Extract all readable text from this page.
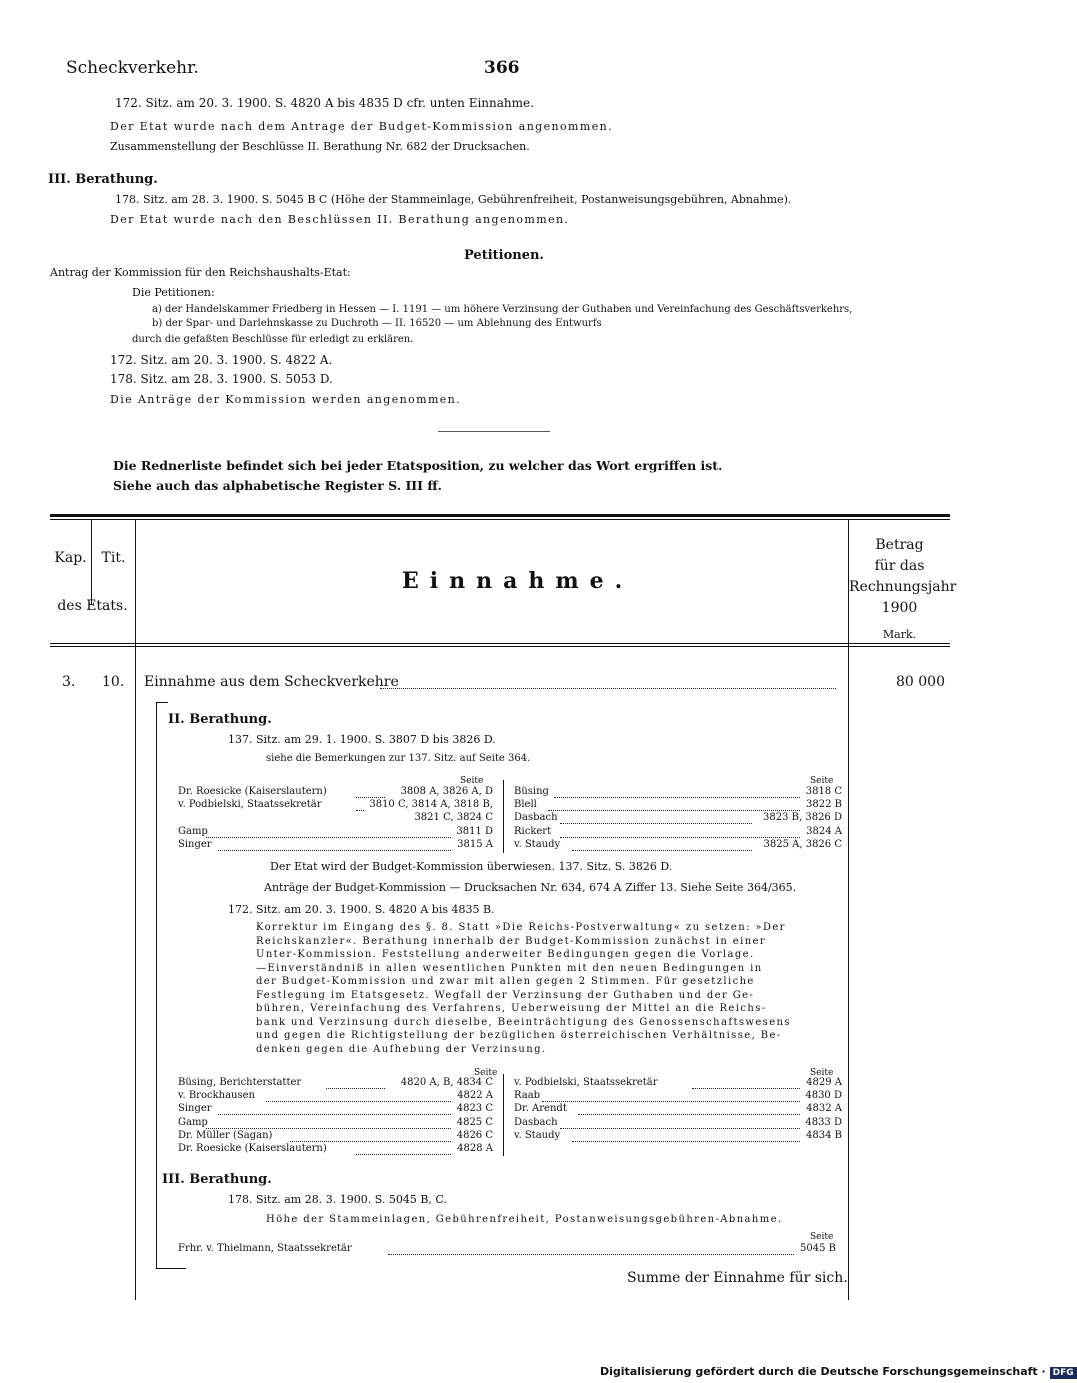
Scheckverkehr.	366
172. Sitz. am 20. 3. 1900. S. 4820 A bis 4835 D cfr. unten Einnahme.
Der Etat wurde nach dem Antrage der Budget-Kommission angenommen.
Zusammenstellung der Beschlüsse II. Berathung Nr. 682 der Drucksachen.
III. Berathung.
178. Sitz. am 28. 3. 1900. S. 5045 B C (Höhe der Stammeinlage, Gebührenfreiheit, Postanweisungsgebühren, Abnahme).
Der Etat wurde nach den Beschlüssen II. Berathung angenommen.
Petitionen.
Antrag der Kommission für den Reichshaushalts-Etat:
Die Petitionen:
a) der Handelskammer Friedberg in Hessen — I. 1191 — um höhere Verzinsung der Guthaben und Vereinfachung des Geschäftsverkehrs,
b) der Spar- und Darlehnskasse zu Duchroth — II. 16520 — um Ablehnung des Entwurfs
durch die gefaßten Beschlüsse für erledigt zu erklären.
172. Sitz. am 20. 3. 1900. S. 4822 A.
178. Sitz. am 28. 3. 1900. S. 5053 D.
Die Anträge der Kommission werden angenommen.
Die Rednerliste befindet sich bei jeder Etatsposition, zu welcher das Wort ergriffen ist.
Siehe auch das alphabetische Register S. III ff.
Kap.	Tit.
des Etats.
Einnahme.
Betrag
für das
Rechnungsjahr
1900
Mark.
3. 10. Einnahme aus dem Scheckverkehre	80 000
II. Berathung.
137. Sitz. am 29. 1. 1900. S. 3807 D bis 3826 D.
siehe die Bemerkungen zur 137. Sitz. auf Seite 364.
Seite	Seite
Dr. Roesicke (Kaiserslautern)	3808 A, 3826 A, D
v. Podbielski, Staatssekretär	3810 C, 3814 A, 3818 B,
3821 C, 3824 C
Gamp	3811 D
Singer	3815 A
Büsing	3818 C
Blell	3822 B
Dasbach	3823 B, 3826 D
Rickert	3824 A
v. Staudy	3825 A, 3826 C
Der Etat wird der Budget-Kommission überwiesen. 137. Sitz. S. 3826 D.
Anträge der Budget-Kommission — Drucksachen Nr. 634, 674 A Ziffer 13. Siehe Seite 364/365.
172. Sitz. am 20. 3. 1900. S. 4820 A bis 4835 B.
Korrektur im Eingang des §. 8. Statt »Die Reichs-Postverwaltung« zu setzen: »Der
Reichskanzler«. Berathung innerhalb der Budget-Kommission zunächst in einer
Unter-Kommission. Feststellung anderweiter Bedingungen gegen die Vorlage.
—Einverständniß in allen wesentlichen Punkten mit den neuen Bedingungen in
der Budget-Kommission und zwar mit allen gegen 2 Stimmen. Für gesetzliche
Festlegung im Etatsgesetz. Wegfall der Verzinsung der Guthaben und der Ge-
bühren, Vereinfachung des Verfahrens, Ueberweisung der Mittel an die Reichs-
bank und Verzinsung durch dieselbe, Beeinträchtigung des Genossenschaftswesens
und gegen die Richtigstellung der bezüglichen österreichischen Verhältnisse, Be-
denken gegen die Aufhebung der Verzinsung.
Seite	Seite
Büsing, Berichterstatter	4820 A, B, 4834 C
v. Brockhausen	4822 A
Singer	4823 C
Gamp	4825 C
Dr. Müller (Sagan)	4826 C
Dr. Roesicke (Kaiserslautern)	4828 A
v. Podbielski, Staatssekretär	4829 A
Raab	4830 D
Dr. Arendt	4832 A
Dasbach	4833 D
v. Staudy	4834 B
III. Berathung.
178. Sitz. am 28. 3. 1900. S. 5045 B, C.
Höhe der Stammeinlagen, Gebührenfreiheit, Postanweisungsgebühren-Abnahme.
Seite
Frhr. v. Thielmann, Staatssekretär	5045 B
Summe der Einnahme für sich.
Digitalisierung gefördert durch die Deutsche Forschungsgemeinschaft · DFG
